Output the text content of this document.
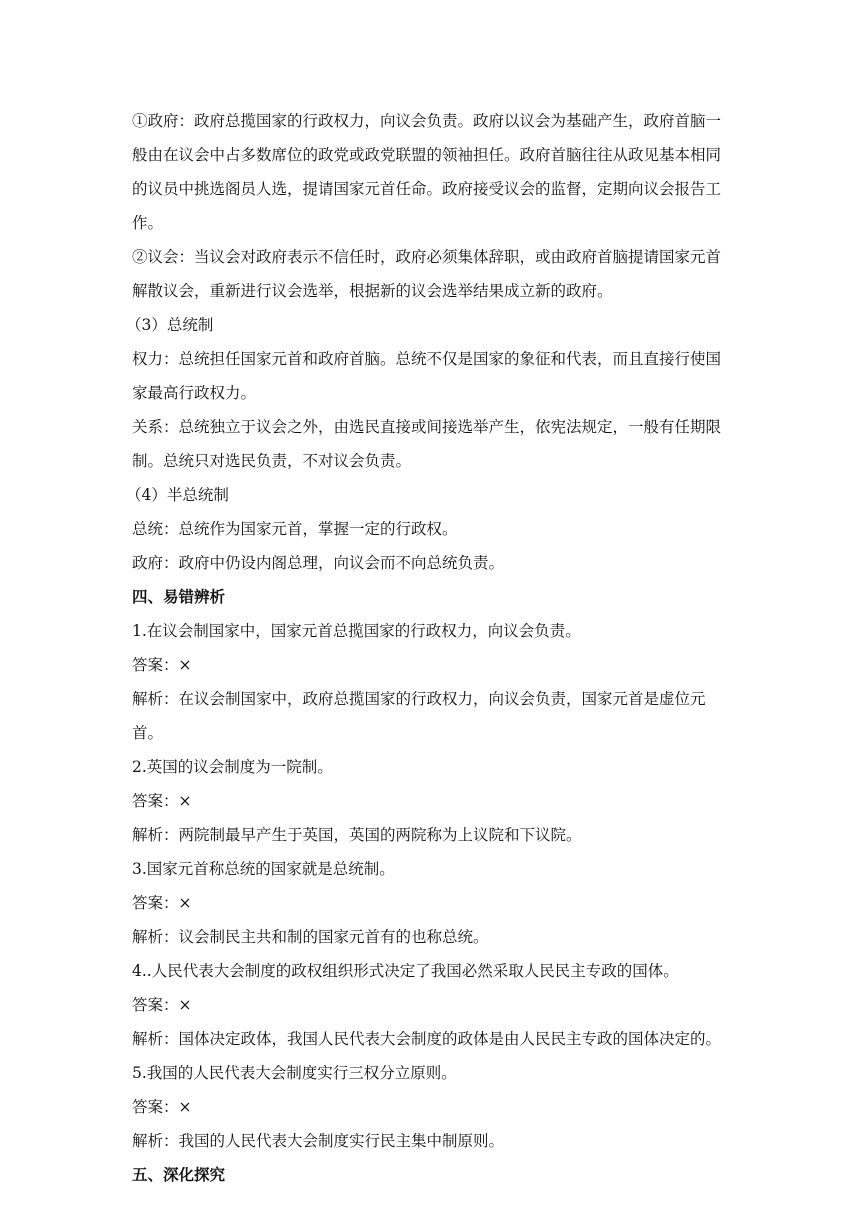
①政府：政府总揽国家的行政权力，向议会负责。政府以议会为基础产生，政府首脑一般由在议会中占多数席位的政党或政党联盟的领袖担任。政府首脑往往从政见基本相同的议员中挑选阁员人选，提请国家元首任命。政府接受议会的监督，定期向议会报告工作。

②议会：当议会对政府表示不信任时，政府必须集体辞职，或由政府首脑提请国家元首解散议会，重新进行议会选举，根据新的议会选举结果成立新的政府。

（3）总统制

权力：总统担任国家元首和政府首脑。总统不仅是国家的象征和代表，而且直接行使国家最高行政权力。

关系：总统独立于议会之外，由选民直接或间接选举产生，依宪法规定，一般有任期限制。总统只对选民负责，不对议会负责。

（4）半总统制

总统：总统作为国家元首，掌握一定的行政权。

政府：政府中仍设内阁总理，向议会而不向总统负责。

四、易错辨析

1.在议会制国家中，国家元首总揽国家的行政权力，向议会负责。

答案：×

解析：在议会制国家中，政府总揽国家的行政权力，向议会负责，国家元首是虚位元首。

2.英国的议会制度为一院制。

答案：×

解析：两院制最早产生于英国，英国的两院称为上议院和下议院。

3.国家元首称总统的国家就是总统制。

答案：×

解析：议会制民主共和制的国家元首有的也称总统。

4..人民代表大会制度的政权组织形式决定了我国必然采取人民民主专政的国体。

答案：×

解析：国体决定政体，我国人民代表大会制度的政体是由人民民主专政的国体决定的。

5.我国的人民代表大会制度实行三权分立原则。

答案：×

解析：我国的人民代表大会制度实行民主集中制原则。

五、深化探究
